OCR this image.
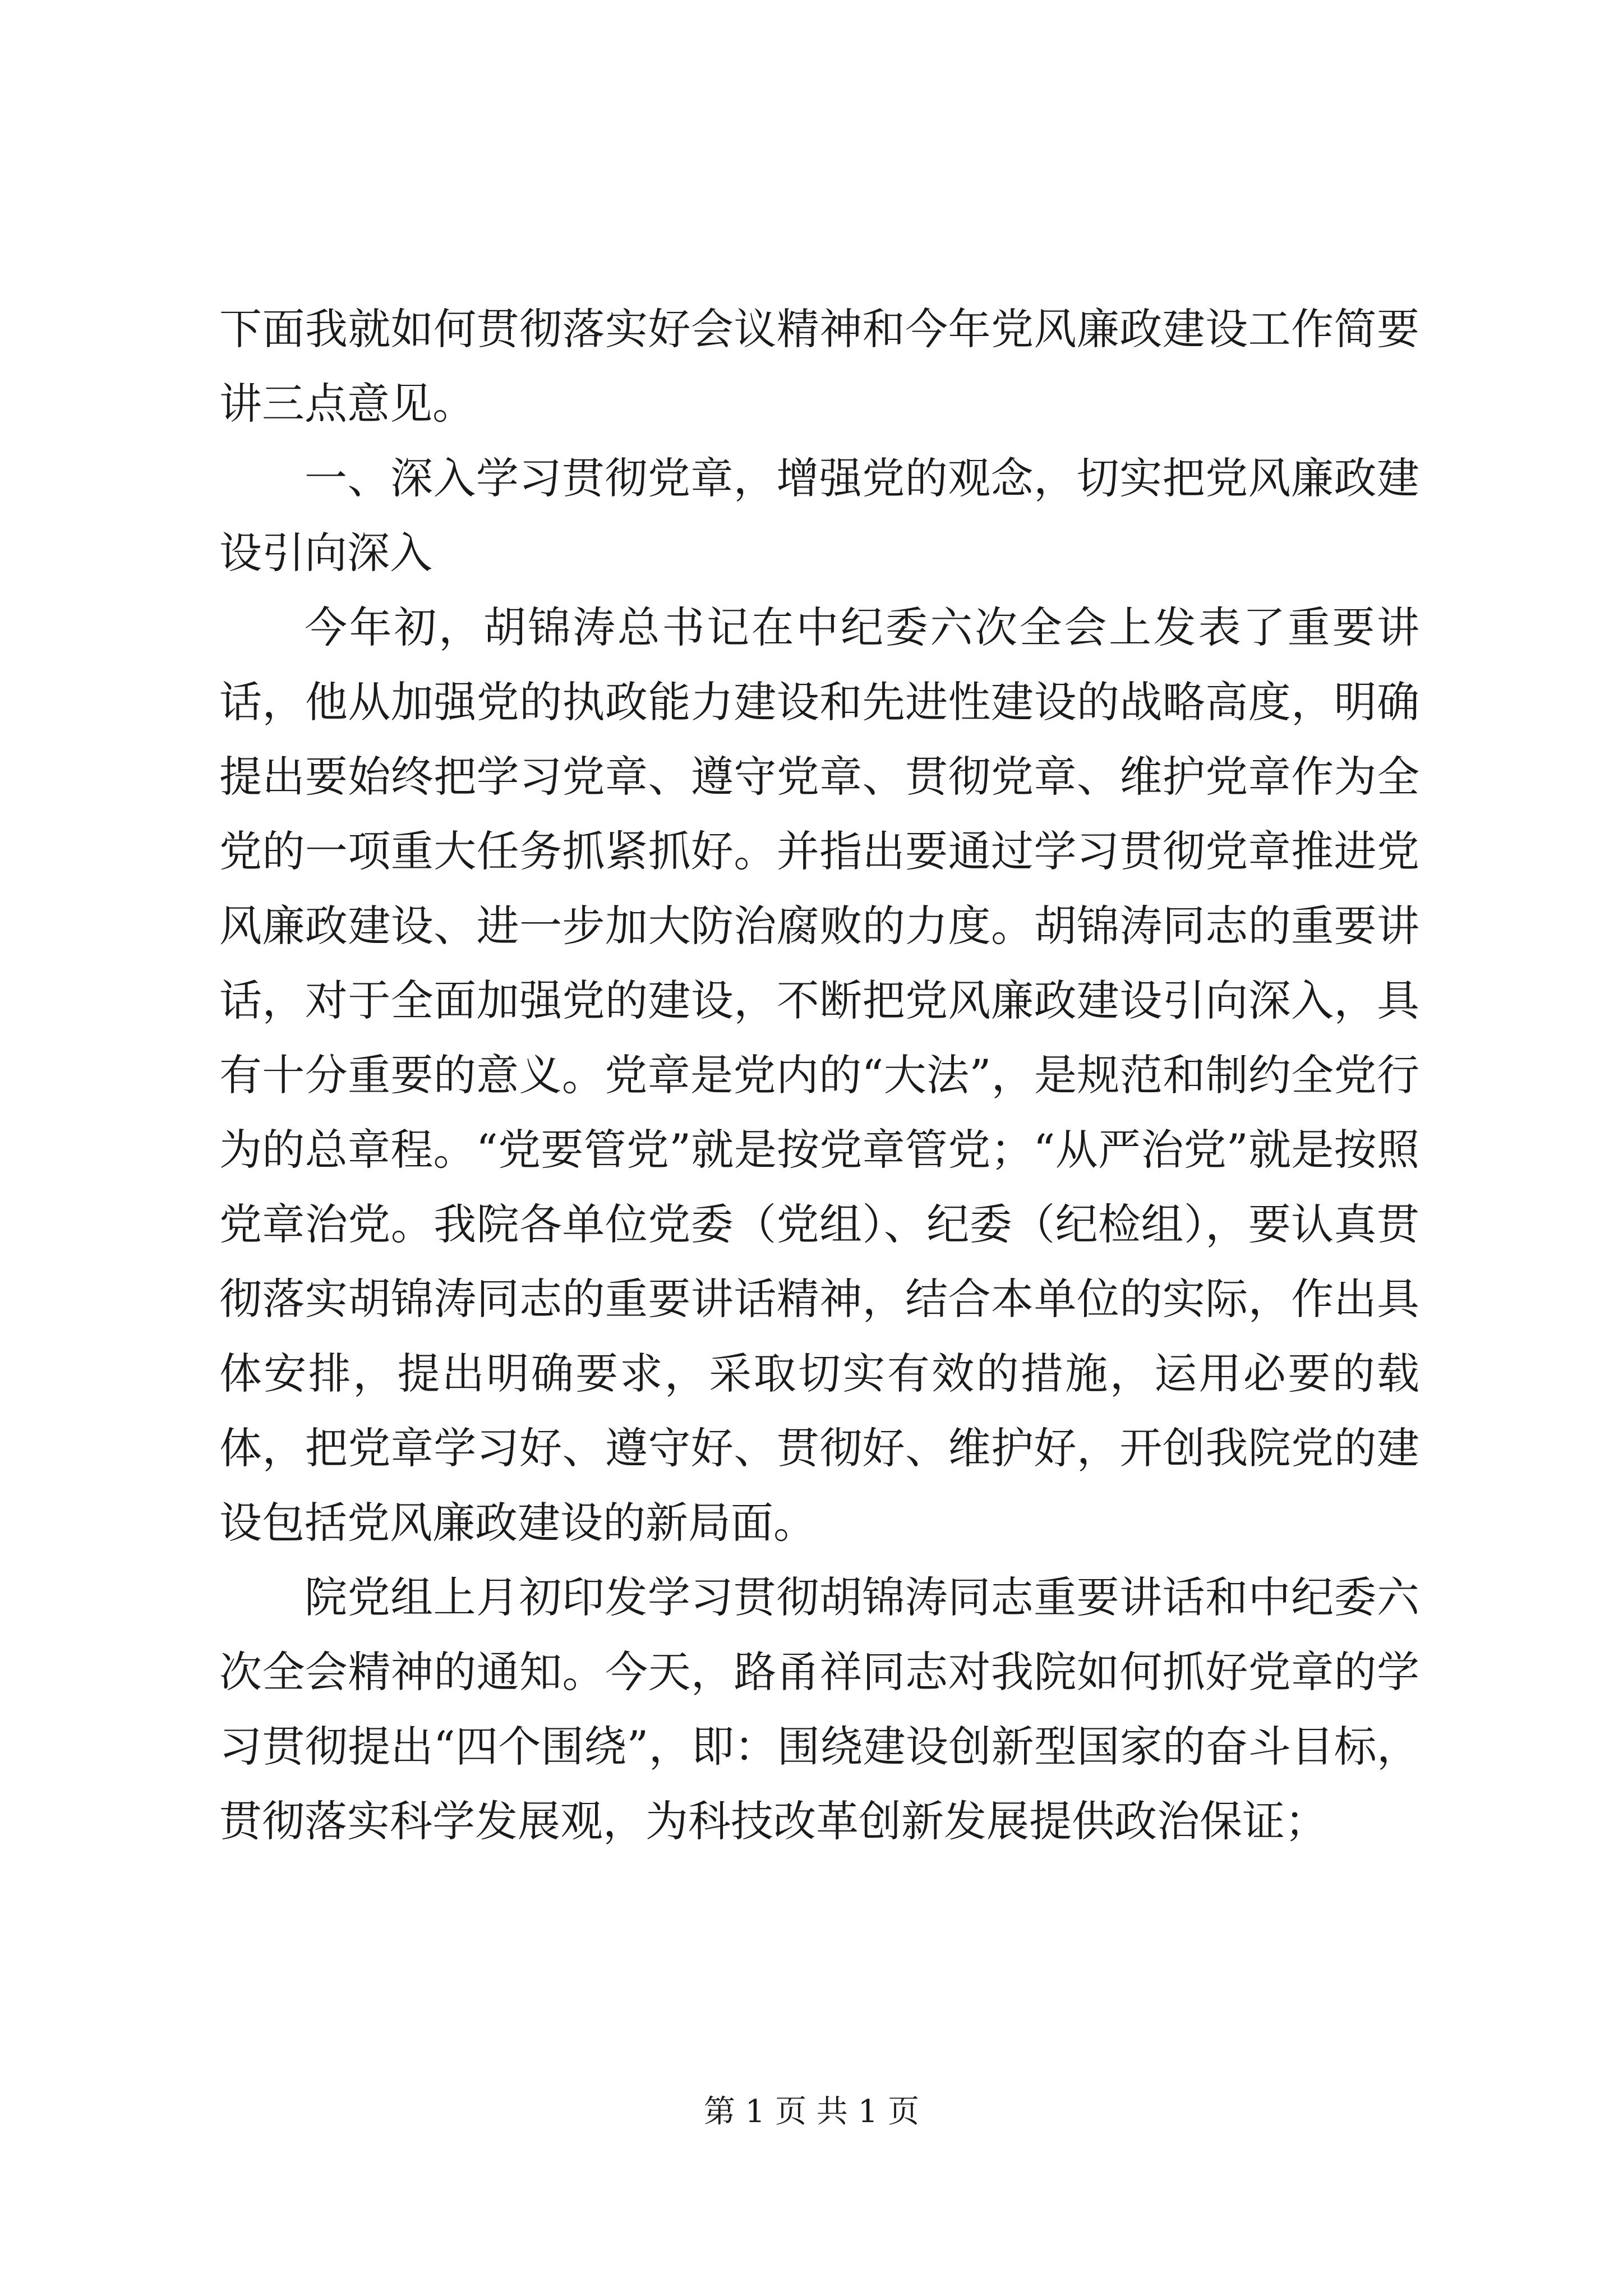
下面我就如何贯彻落实好会议精神和今年党风廉政建设工作简要讲三点意见。

一、深入学习贯彻党章，增强党的观念，切实把党风廉政建设引向深入

今年初，胡锦涛总书记在中纪委六次全会上发表了重要讲话，他从加强党的执政能力建设和先进性建设的战略高度，明确提出要始终把学习党章、遵守党章、贯彻党章、维护党章作为全党的一项重大任务抓紧抓好。并指出要通过学习贯彻党章推进党风廉政建设、进一步加大防治腐败的力度。胡锦涛同志的重要讲话，对于全面加强党的建设，不断把党风廉政建设引向深入，具有十分重要的意义。党章是党内的“大法”，是规范和制约全党行为的总章程。“党要管党”就是按党章管党；“从严治党”就是按照党章治党。我院各单位党委（党组）、纪委（纪检组），要认真贯彻落实胡锦涛同志的重要讲话精神，结合本单位的实际，作出具体安排，提出明确要求，采取切实有效的措施，运用必要的载体，把党章学习好、遵守好、贯彻好、维护好，开创我院党的建设包括党风廉政建设的新局面。

院党组上月初印发学习贯彻胡锦涛同志重要讲话和中纪委六次全会精神的通知。今天，路甬祥同志对我院如何抓好党章的学习贯彻提出“四个围绕”，即：围绕建设创新型国家的奋斗目标，贯彻落实科学发展观，为科技改革创新发展提供政治保证；

第 1 页 共 1 页
